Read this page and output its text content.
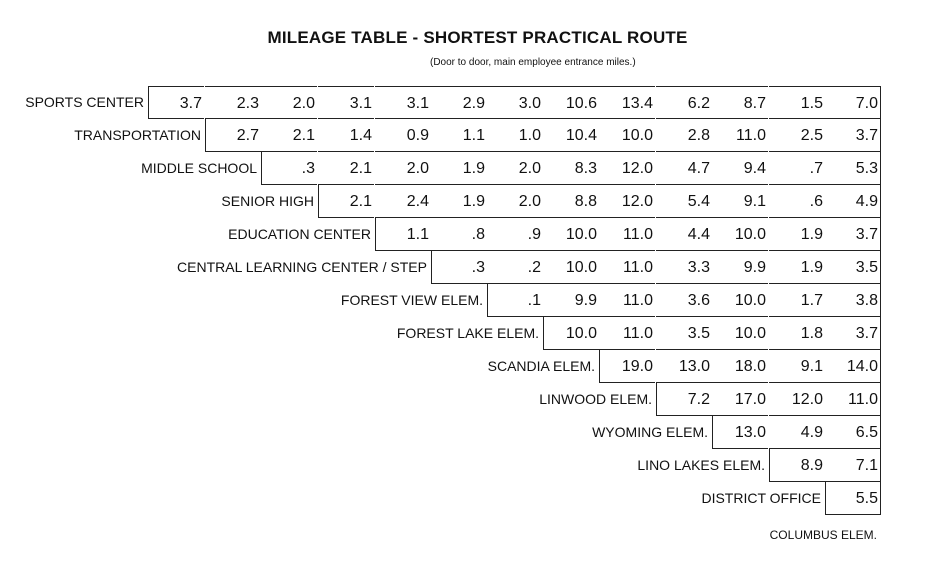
MILEAGE TABLE - SHORTEST PRACTICAL ROUTE
(Door to door, main employee entrance miles.)
SPORTS CENTER	3.7	2.3	2.0	3.1	3.1	2.9	3.0	10.6	13.4	6.2	8.7	1.5	7.0
TRANSPORTATION	2.7	2.1	1.4	0.9	1.1	1.0	10.4	10.0	2.8	11.0	2.5	3.7
MIDDLE SCHOOL	.3	2.1	2.0	1.9	2.0	8.3	12.0	4.7	9.4	.7	5.3
SENIOR HIGH	2.1	2.4	1.9	2.0	8.8	12.0	5.4	9.1	.6	4.9
EDUCATION CENTER	1.1	.8	.9	10.0	11.0	4.4	10.0	1.9	3.7
CENTRAL LEARNING CENTER / STEP	.3	.2	10.0	11.0	3.3	9.9	1.9	3.5
FOREST VIEW ELEM.	.1	9.9	11.0	3.6	10.0	1.7	3.8
FOREST LAKE ELEM.	10.0	11.0	3.5	10.0	1.8	3.7
SCANDIA ELEM.	19.0	13.0	18.0	9.1	14.0
LINWOOD ELEM.	7.2	17.0	12.0	11.0
WYOMING ELEM.	13.0	4.9	6.5
LINO LAKES ELEM.	8.9	7.1
DISTRICT OFFICE	5.5
COLUMBUS ELEM.
